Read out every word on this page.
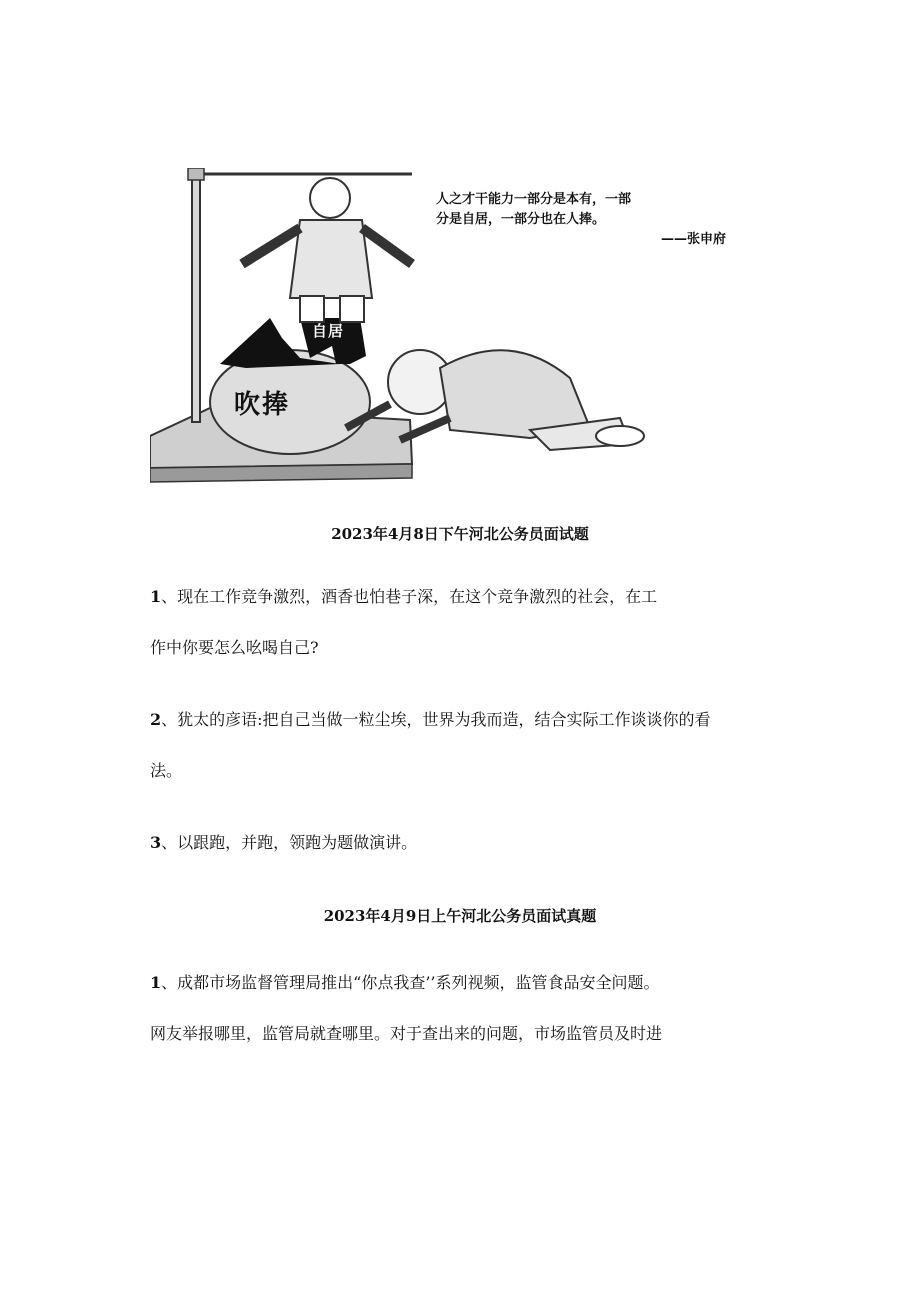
人之才干能力一部分是本有，一部
分是自居，一部分也在人捧。
——张申府
自居
吹捧
2023年4月8日下午河北公务员面试题
1、现在工作竞争激烈，酒香也怕巷子深，在这个竞争激烈的社会，在工
作中你要怎么吆喝自己?
2、犹太的彦语:把自己当做一粒尘埃，世界为我而造，结合实际工作谈谈你的看
法。
3、以跟跑，并跑，领跑为题做演讲。
2023年4月9日上午河北公务员面试真题
1、成都市场监督管理局推出“你点我查’’系列视频，监管食品安全问题。
网友举报哪里，监管局就查哪里。对于查出来的问题，市场监管员及时进
